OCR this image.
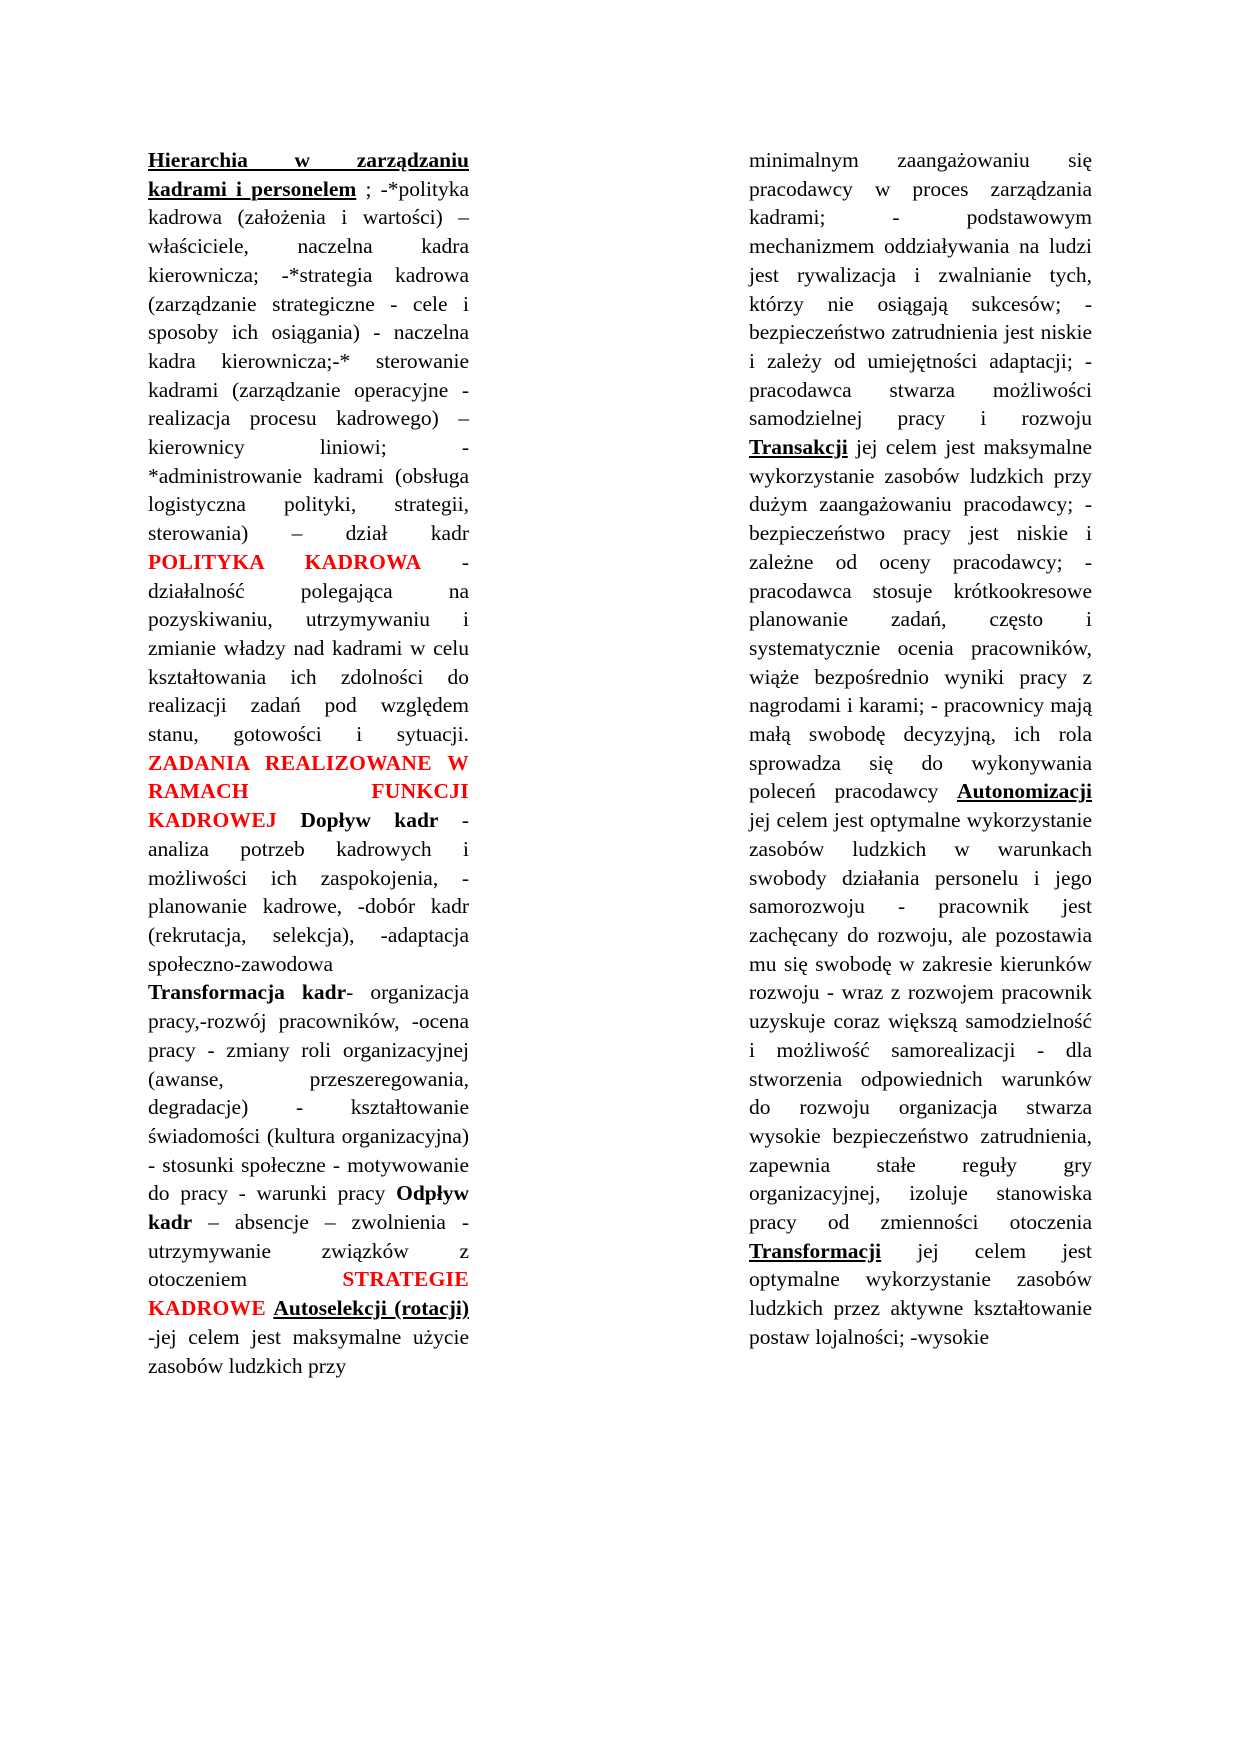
Hierarchia w zarządzaniu kadrami i personelem ; -*polityka kadrowa (założenia i wartości) – właściciele, naczelna kadra kierownicza; -*strategia kadrowa (zarządzanie strategiczne - cele i sposoby ich osiągania) - naczelna kadra kierownicza;-* sterowanie kadrami (zarządzanie operacyjne - realizacja procesu kadrowego) – kierownicy liniowi; -*administrowanie kadrami (obsługa logistyczna polityki, strategii, sterowania) – dział kadr POLITYKA KADROWA - działalność polegająca na pozyskiwaniu, utrzymywaniu i zmianie władzy nad kadrami w celu kształtowania ich zdolności do realizacji zadań pod względem stanu, gotowości i sytuacji. ZADANIA REALIZOWANE W RAMACH FUNKCJI KADROWEJ Dopływ kadr -analiza potrzeb kadrowych i możliwości ich zaspokojenia, -planowanie kadrowe, -dobór kadr (rekrutacja, selekcja), -adaptacja społeczno-zawodowa Transformacja kadr- organizacja pracy,-rozwój pracowników, -ocena pracy - zmiany roli organizacyjnej (awanse, przeszeregowania, degradacje) - kształtowanie świadomości (kultura organizacyjna) - stosunki społeczne - motywowanie do pracy - warunki pracy Odpływ kadr – absencje – zwolnienia - utrzymywanie związków z otoczeniem STRATEGIE KADROWE Autoselekcji (rotacji) -jej celem jest maksymalne użycie zasobów ludzkich przy
minimalnym zaangażowaniu się pracodawcy w proces zarządzania kadrami; - podstawowym mechanizmem oddziaływania na ludzi jest rywalizacja i zwalnianie tych, którzy nie osiągają sukcesów; - bezpieczeństwo zatrudnienia jest niskie i zależy od umiejętności adaptacji; - pracodawca stwarza możliwości samodzielnej pracy i rozwoju Transakcji jej celem jest maksymalne wykorzystanie zasobów ludzkich przy dużym zaangażowaniu pracodawcy; - bezpieczeństwo pracy jest niskie i zależne od oceny pracodawcy; -pracodawca stosuje krótkookresowe planowanie zadań, często i systematycznie ocenia pracowników, wiąże bezpośrednio wyniki pracy z nagrodami i karami; - pracownicy mają małą swobodę decyzyjną, ich rola sprowadza się do wykonywania poleceń pracodawcy Autonomizacji jej celem jest optymalne wykorzystanie zasobów ludzkich w warunkach swobody działania personelu i jego samorozwoju - pracownik jest zachęcany do rozwoju, ale pozostawia mu się swobodę w zakresie kierunków rozwoju - wraz z rozwojem pracownik uzyskuje coraz większą samodzielność i możliwość samorealizacji - dla stworzenia odpowiednich warunków do rozwoju organizacja stwarza wysokie bezpieczeństwo zatrudnienia, zapewnia stałe reguły gry organizacyjnej, izoluje stanowiska pracy od zmienności otoczenia Transformacji jej celem jest optymalne wykorzystanie zasobów ludzkich przez aktywne kształtowanie postaw lojalności; -wysokie
